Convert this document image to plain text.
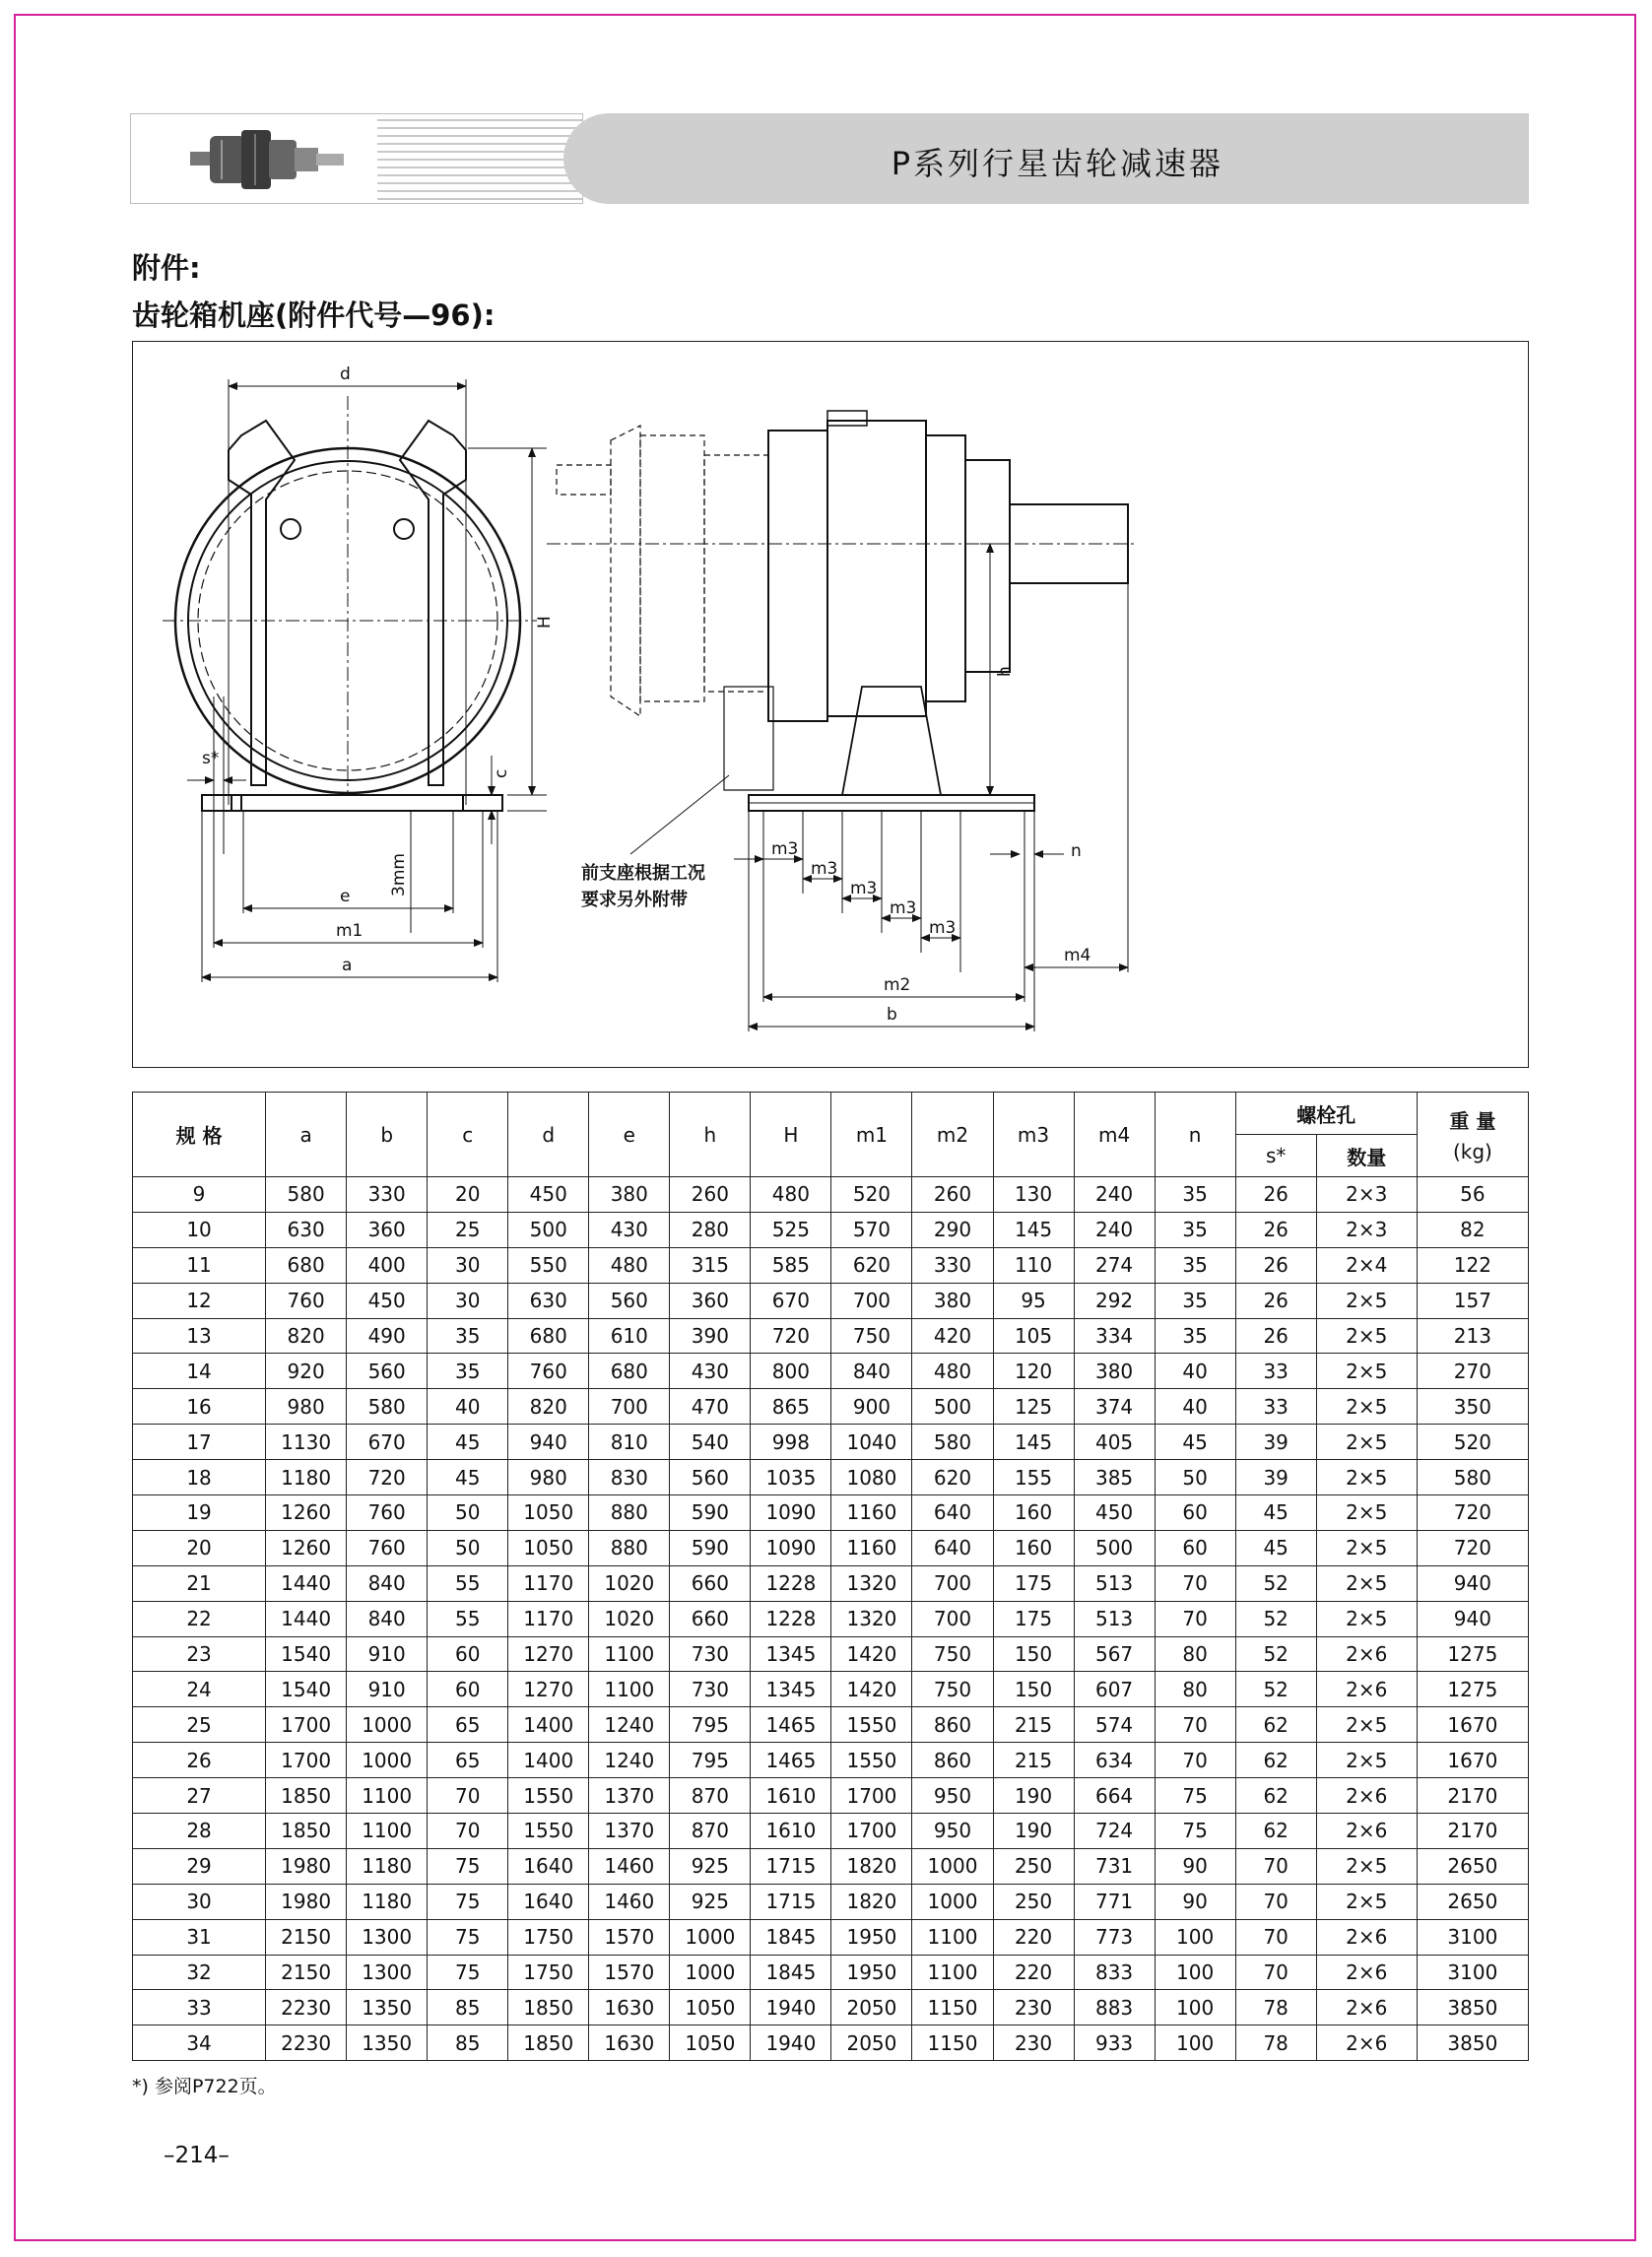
P系列行星齿轮减速器
附件:
齿轮箱机座(附件代号—96):
d
H
s*
c
e 3mm
m1
a
h
m3
m3
m3
m3
m3
n
m4
m2
b
前支座根据工况
要求另外附带
规 格	a	b	c	d	e	h	H	m1	m2	m3	m4	n	螺栓孔		重 量
(kg)

													s*	数量	
9	580	330	20	450	380	260	480	520	260	130	240	35	26	2×3	56
10	630	360	25	500	430	280	525	570	290	145	240	35	26	2×3	82
11	680	400	30	550	480	315	585	620	330	110	274	35	26	2×4	122
12	760	450	30	630	560	360	670	700	380	95	292	35	26	2×5	157
13	820	490	35	680	610	390	720	750	420	105	334	35	26	2×5	213
14	920	560	35	760	680	430	800	840	480	120	380	40	33	2×5	270
16	980	580	40	820	700	470	865	900	500	125	374	40	33	2×5	350
17	1130	670	45	940	810	540	998	1040	580	145	405	45	39	2×5	520
18	1180	720	45	980	830	560	1035	1080	620	155	385	50	39	2×5	580
19	1260	760	50	1050	880	590	1090	1160	640	160	450	60	45	2×5	720
20	1260	760	50	1050	880	590	1090	1160	640	160	500	60	45	2×5	720
21	1440	840	55	1170	1020	660	1228	1320	700	175	513	70	52	2×5	940
22	1440	840	55	1170	1020	660	1228	1320	700	175	513	70	52	2×5	940
23	1540	910	60	1270	1100	730	1345	1420	750	150	567	80	52	2×6	1275
24	1540	910	60	1270	1100	730	1345	1420	750	150	607	80	52	2×6	1275
25	1700	1000	65	1400	1240	795	1465	1550	860	215	574	70	62	2×5	1670
26	1700	1000	65	1400	1240	795	1465	1550	860	215	634	70	62	2×5	1670
27	1850	1100	70	1550	1370	870	1610	1700	950	190	664	75	62	2×6	2170
28	1850	1100	70	1550	1370	870	1610	1700	950	190	724	75	62	2×6	2170
29	1980	1180	75	1640	1460	925	1715	1820	1000	250	731	90	70	2×5	2650
30	1980	1180	75	1640	1460	925	1715	1820	1000	250	771	90	70	2×5	2650
31	2150	1300	75	1750	1570	1000	1845	1950	1100	220	773	100	70	2×6	3100
32	2150	1300	75	1750	1570	1000	1845	1950	1100	220	833	100	70	2×6	3100
33	2230	1350	85	1850	1630	1050	1940	2050	1150	230	883	100	78	2×6	3850
34	2230	1350	85	1850	1630	1050	1940	2050	1150	230	933	100	78	2×6	3850
*) 参阅P722页。
–214–
